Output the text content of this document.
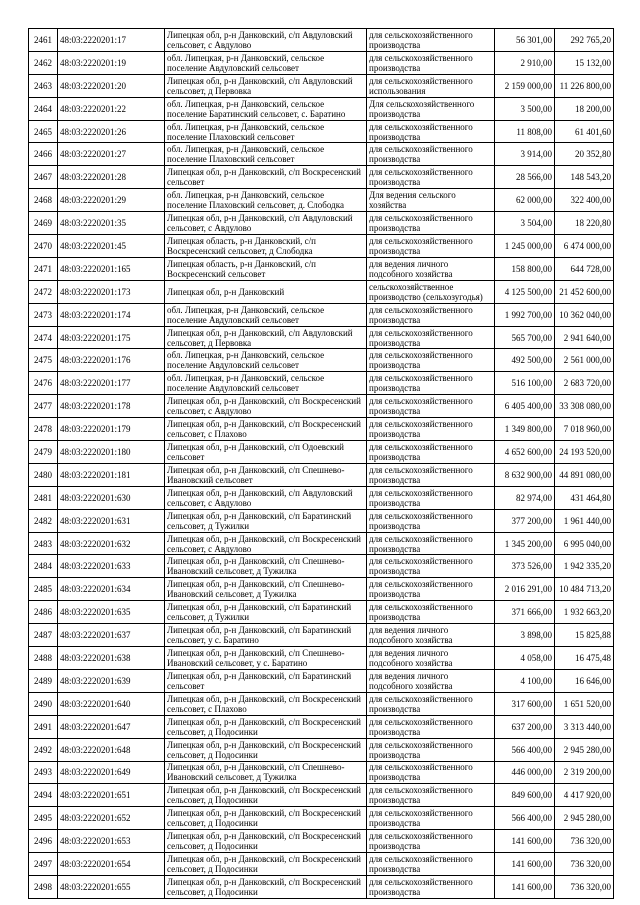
2461	48:03:2220201:17	Липецкая обл, р-н Данковский, с/п Авдуловский сельсовет, с Авдулово	для сельскохозяйственного производства	56 301,00	292 765,20
2462	48:03:2220201:19	обл. Липецкая, р-н Данковский, сельское поселение Авдуловский сельсовет	для сельскохозяйственного производства	2 910,00	15 132,00
2463	48:03:2220201:20	Липецкая обл, р-н Данковский, с/п Авдуловский сельсовет, д Первовка	для сельскохозяйственного использования	2 159 000,00	11 226 800,00
2464	48:03:2220201:22	обл. Липецкая, р-н Данковский, сельское поселение Баратинский сельсовет, с. Баратино	Для сельскохозяйственного производства	3 500,00	18 200,00
2465	48:03:2220201:26	обл. Липецкая, р-н Данковский, сельское поселение Плаховский сельсовет	для сельскохозяйственного производства	11 808,00	61 401,60
2466	48:03:2220201:27	обл. Липецкая, р-н Данковский, сельское поселение Плаховский сельсовет	для сельскохозяйственного производства	3 914,00	20 352,80
2467	48:03:2220201:28	Липецкая обл, р-н Данковский, с/п Воскресенский сельсовет	для сельскохозяйственного производства	28 566,00	148 543,20
2468	48:03:2220201:29	обл. Липецкая, р-н Данковский, сельское поселение Плаховский сельсовет, д. Слободка	Для ведения сельского хозяйства	62 000,00	322 400,00
2469	48:03:2220201:35	Липецкая обл, р-н Данковский, с/п Авдуловский сельсовет, с Авдулово	для сельскохозяйственного производства	3 504,00	18 220,80
2470	48:03:2220201:45	Липецкая область, р-н Данковский, с/п Воскресенский сельсовет, д Слободка	для сельскохозяйственного производства	1 245 000,00	6 474 000,00
2471	48:03:2220201:165	Липецкая область, р-н Данковский, с/п Воскресенский сельсовет	для ведения личного подсобного хозяйства	158 800,00	644 728,00
2472	48:03:2220201:173	Липецкая обл, р-н Данковский	сельскохозяйственное производство (сельхозугодья)	4 125 500,00	21 452 600,00
2473	48:03:2220201:174	обл. Липецкая, р-н Данковский, сельское поселение Авдуловский сельсовет	для сельскохозяйственного производства	1 992 700,00	10 362 040,00
2474	48:03:2220201:175	Липецкая обл, р-н Данковский, с/п Авдуловский сельсовет, д Первовка	для сельскохозяйственного производства	565 700,00	2 941 640,00
2475	48:03:2220201:176	обл. Липецкая, р-н Данковский, сельское поселение Авдуловский сельсовет	для сельскохозяйственного производства	492 500,00	2 561 000,00
2476	48:03:2220201:177	обл. Липецкая, р-н Данковский, сельское поселение Авдуловский сельсовет	для сельскохозяйственного производства	516 100,00	2 683 720,00
2477	48:03:2220201:178	Липецкая обл, р-н Данковский, с/п Воскресенский сельсовет, с Авдулово	для сельскохозяйственного производства	6 405 400,00	33 308 080,00
2478	48:03:2220201:179	Липецкая обл, р-н Данковский, с/п Воскресенский сельсовет, с Плахово	для сельскохозяйственного производства	1 349 800,00	7 018 960,00
2479	48:03:2220201:180	Липецкая обл, р-н Данковский, с/п Одоевский сельсовет	для сельскохозяйственного производства	4 652 600,00	24 193 520,00
2480	48:03:2220201:181	Липецкая обл, р-н Данковский, с/п Спешнево-Ивановский сельсовет	для сельскохозяйственного производства	8 632 900,00	44 891 080,00
2481	48:03:2220201:630	Липецкая обл, р-н Данковский, с/п Авдуловский сельсовет, с Авдулово	для сельскохозяйственного производства	82 974,00	431 464,80
2482	48:03:2220201:631	Липецкая обл, р-н Данковский, с/п Баратинский сельсовет, д Тужилки	для сельскохозяйственного производства	377 200,00	1 961 440,00
2483	48:03:2220201:632	Липецкая обл, р-н Данковский, с/п Воскресенский сельсовет, с Авдулово	для сельскохозяйственного производства	1 345 200,00	6 995 040,00
2484	48:03:2220201:633	Липецкая обл, р-н Данковский, с/п Спешнево-Ивановский сельсовет, д Тужилка	для сельскохозяйственного производства	373 526,00	1 942 335,20
2485	48:03:2220201:634	Липецкая обл, р-н Данковский, с/п Спешнево-Ивановский сельсовет, д Тужилка	для сельскохозяйственного производства	2 016 291,00	10 484 713,20
2486	48:03:2220201:635	Липецкая обл, р-н Данковский, с/п Баратинский сельсовет, д Тужилки	для сельскохозяйственного производства	371 666,00	1 932 663,20
2487	48:03:2220201:637	Липецкая обл, р-н Данковский, с/п Баратинский сельсовет, у с. Баратино	для ведения личного подсобного хозяйства	3 898,00	15 825,88
2488	48:03:2220201:638	Липецкая обл, р-н Данковский, с/п Спешнево-Ивановский сельсовет, у с. Баратино	для ведения личного подсобного хозяйства	4 058,00	16 475,48
2489	48:03:2220201:639	Липецкая обл, р-н Данковский, с/п Баратинский сельсовет	для ведения личного подсобного хозяйства	4 100,00	16 646,00
2490	48:03:2220201:640	Липецкая обл, р-н Данковский, с/п Воскресенский сельсовет, с Плахово	для сельскохозяйственного производства	317 600,00	1 651 520,00
2491	48:03:2220201:647	Липецкая обл, р-н Данковский, с/п Воскресенский сельсовет, д Подосинки	для сельскохозяйственного производства	637 200,00	3 313 440,00
2492	48:03:2220201:648	Липецкая обл, р-н Данковский, с/п Воскресенский сельсовет, д Подосинки	для сельскохозяйственного производства	566 400,00	2 945 280,00
2493	48:03:2220201:649	Липецкая обл, р-н Данковский, с/п Спешнево-Ивановский сельсовет, д Тужилка	для сельскохозяйственного производства	446 000,00	2 319 200,00
2494	48:03:2220201:651	Липецкая обл, р-н Данковский, с/п Воскресенский сельсовет, д Подосинки	для сельскохозяйственного производства	849 600,00	4 417 920,00
2495	48:03:2220201:652	Липецкая обл, р-н Данковский, с/п Воскресенский сельсовет, д Подосинки	для сельскохозяйственного производства	566 400,00	2 945 280,00
2496	48:03:2220201:653	Липецкая обл, р-н Данковский, с/п Воскресенский сельсовет, д Подосинки	для сельскохозяйственного производства	141 600,00	736 320,00
2497	48:03:2220201:654	Липецкая обл, р-н Данковский, с/п Воскресенский сельсовет, д Подосинки	для сельскохозяйственного производства	141 600,00	736 320,00
2498	48:03:2220201:655	Липецкая обл, р-н Данковский, с/п Воскресенский сельсовет, д Подосинки	для сельскохозяйственного производства	141 600,00	736 320,00
